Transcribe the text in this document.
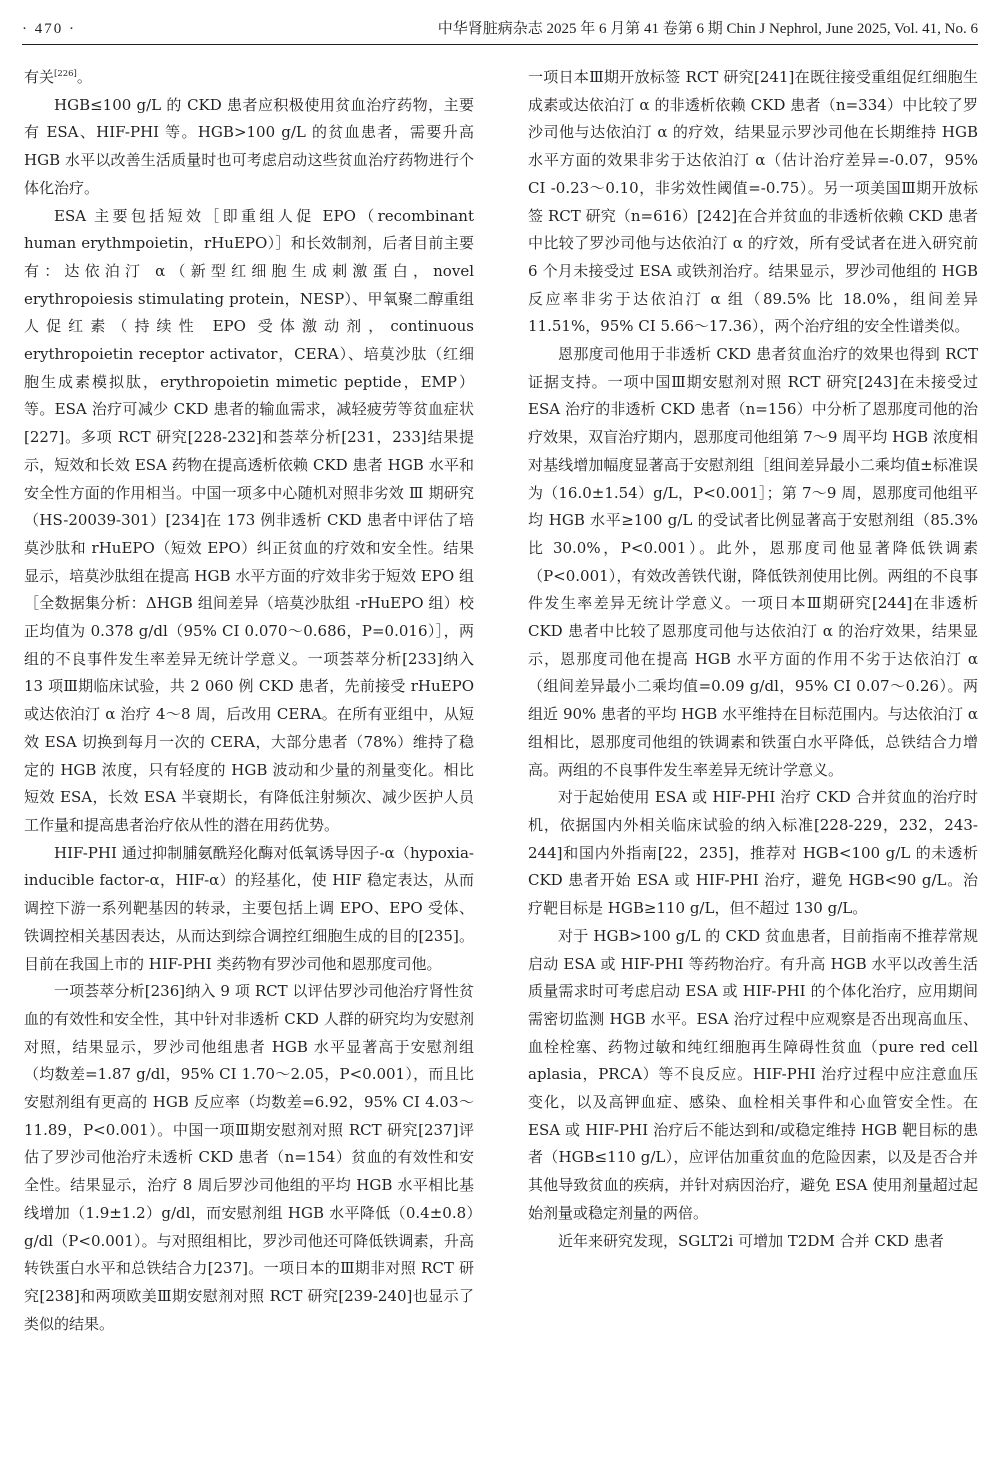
· 470 ·	中华肾脏病杂志 2025 年 6 月第 41 卷第 6 期 Chin J Nephrol, June 2025, Vol. 41, No. 6

有关[226]。

HGB≤100 g/L 的 CKD 患者应积极使用贫血治疗药物，主要有 ESA、HIF-PHI 等。HGB>100 g/L 的贫血患者，需要升高 HGB 水平以改善生活质量时也可考虑启动这些贫血治疗药物进行个体化治疗。

ESA 主要包括短效［即重组人促 EPO（recombinant human erythmpoietin，rHuEPO）］和长效制剂，后者目前主要有：达依泊汀 α（新型红细胞生成刺激蛋白，novel erythropoiesis stimulating protein，NESP）、甲氧聚二醇重组人促红素（持续性 EPO 受体激动剂，continuous erythropoietin receptor activator，CERA）、培莫沙肽（红细胞生成素模拟肽，erythropoietin mimetic peptide，EMP）等。ESA 治疗可减少 CKD 患者的输血需求，减轻疲劳等贫血症状[227]。多项 RCT 研究[228-232]和荟萃分析[231，233]结果提示，短效和长效 ESA 药物在提高透析依赖 CKD 患者 HGB 水平和安全性方面的作用相当。中国一项多中心随机对照非劣效 Ⅲ 期研究（HS-20039-301）[234]在 173 例非透析 CKD 患者中评估了培莫沙肽和 rHuEPO（短效 EPO）纠正贫血的疗效和安全性。结果显示，培莫沙肽组在提高 HGB 水平方面的疗效非劣于短效 EPO 组［全数据集分析：ΔHGB 组间差异（培莫沙肽组 -rHuEPO 组）校正均值为 0.378 g/dl（95% CI 0.070～0.686，P=0.016）］，两组的不良事件发生率差异无统计学意义。一项荟萃分析[233]纳入 13 项Ⅲ期临床试验，共 2 060 例 CKD 患者，先前接受 rHuEPO 或达依泊汀 α 治疗 4～8 周，后改用 CERA。在所有亚组中，从短效 ESA 切换到每月一次的 CERA，大部分患者（78%）维持了稳定的 HGB 浓度，只有轻度的 HGB 波动和少量的剂量变化。相比短效 ESA，长效 ESA 半衰期长，有降低注射频次、减少医护人员工作量和提高患者治疗依从性的潜在用药优势。

HIF-PHI 通过抑制脯氨酰羟化酶对低氧诱导因子-α（hypoxia-inducible factor-α，HIF-α）的羟基化，使 HIF 稳定表达，从而调控下游一系列靶基因的转录，主要包括上调 EPO、EPO 受体、铁调控相关基因表达，从而达到综合调控红细胞生成的目的[235]。目前在我国上市的 HIF-PHI 类药物有罗沙司他和恩那度司他。

一项荟萃分析[236]纳入 9 项 RCT 以评估罗沙司他治疗肾性贫血的有效性和安全性，其中针对非透析 CKD 人群的研究均为安慰剂对照，结果显示，罗沙司他组患者 HGB 水平显著高于安慰剂组（均数差=1.87 g/dl，95% CI 1.70～2.05，P<0.001），而且比安慰剂组有更高的 HGB 反应率（均数差=6.92，95% CI 4.03～11.89，P<0.001）。中国一项Ⅲ期安慰剂对照 RCT 研究[237]评估了罗沙司他治疗未透析 CKD 患者（n=154）贫血的有效性和安全性。结果显示，治疗 8 周后罗沙司他组的平均 HGB 水平相比基线增加（1.9±1.2）g/dl，而安慰剂组 HGB 水平降低（0.4±0.8）g/dl（P<0.001）。与对照组相比，罗沙司他还可降低铁调素，升高转铁蛋白水平和总铁结合力[237]。一项日本的Ⅲ期非对照 RCT 研究[238]和两项欧美Ⅲ期安慰剂对照 RCT 研究[239-240]也显示了类似的结果。

一项日本Ⅲ期开放标签 RCT 研究[241]在既往接受重组促红细胞生成素或达依泊汀 α 的非透析依赖 CKD 患者（n=334）中比较了罗沙司他与达依泊汀 α 的疗效，结果显示罗沙司他在长期维持 HGB 水平方面的效果非劣于达依泊汀 α（估计治疗差异=-0.07，95% CI -0.23～0.10，非劣效性阈值=-0.75）。另一项美国Ⅲ期开放标签 RCT 研究（n=616）[242]在合并贫血的非透析依赖 CKD 患者中比较了罗沙司他与达依泊汀 α 的疗效，所有受试者在进入研究前 6 个月未接受过 ESA 或铁剂治疗。结果显示，罗沙司他组的 HGB 反应率非劣于达依泊汀 α 组（89.5% 比 18.0%，组间差异 11.51%，95% CI 5.66～17.36），两个治疗组的安全性谱类似。

恩那度司他用于非透析 CKD 患者贫血治疗的效果也得到 RCT 证据支持。一项中国Ⅲ期安慰剂对照 RCT 研究[243]在未接受过 ESA 治疗的非透析 CKD 患者（n=156）中分析了恩那度司他的治疗效果，双盲治疗期内，恩那度司他组第 7～9 周平均 HGB 浓度相对基线增加幅度显著高于安慰剂组［组间差异最小二乘均值±标准误为（16.0±1.54）g/L，P<0.001］；第 7～9 周，恩那度司他组平均 HGB 水平≥100 g/L 的受试者比例显著高于安慰剂组（85.3% 比 30.0%，P<0.001）。此外，恩那度司他显著降低铁调素（P<0.001），有效改善铁代谢，降低铁剂使用比例。两组的不良事件发生率差异无统计学意义。一项日本Ⅲ期研究[244]在非透析 CKD 患者中比较了恩那度司他与达依泊汀 α 的治疗效果，结果显示，恩那度司他在提高 HGB 水平方面的作用不劣于达依泊汀 α（组间差异最小二乘均值=0.09 g/dl，95% CI 0.07～0.26）。两组近 90% 患者的平均 HGB 水平维持在目标范围内。与达依泊汀 α 组相比，恩那度司他组的铁调素和铁蛋白水平降低，总铁结合力增高。两组的不良事件发生率差异无统计学意义。

对于起始使用 ESA 或 HIF-PHI 治疗 CKD 合并贫血的治疗时机，依据国内外相关临床试验的纳入标准[228-229，232，243-244]和国内外指南[22，235]，推荐对 HGB<100 g/L 的未透析 CKD 患者开始 ESA 或 HIF-PHI 治疗，避免 HGB<90 g/L。治疗靶目标是 HGB≥110 g/L，但不超过 130 g/L。

对于 HGB>100 g/L 的 CKD 贫血患者，目前指南不推荐常规启动 ESA 或 HIF-PHI 等药物治疗。有升高 HGB 水平以改善生活质量需求时可考虑启动 ESA 或 HIF-PHI 的个体化治疗，应用期间需密切监测 HGB 水平。ESA 治疗过程中应观察是否出现高血压、血栓栓塞、药物过敏和纯红细胞再生障碍性贫血（pure red cell aplasia，PRCA）等不良反应。HIF-PHI 治疗过程中应注意血压变化，以及高钾血症、感染、血栓相关事件和心血管安全性。在 ESA 或 HIF-PHI 治疗后不能达到和/或稳定维持 HGB 靶目标的患者（HGB≤110 g/L），应评估加重贫血的危险因素，以及是否合并其他导致贫血的疾病，并针对病因治疗，避免 ESA 使用剂量超过起始剂量或稳定剂量的两倍。

近年来研究发现，SGLT2i 可增加 T2DM 合并 CKD 患者
